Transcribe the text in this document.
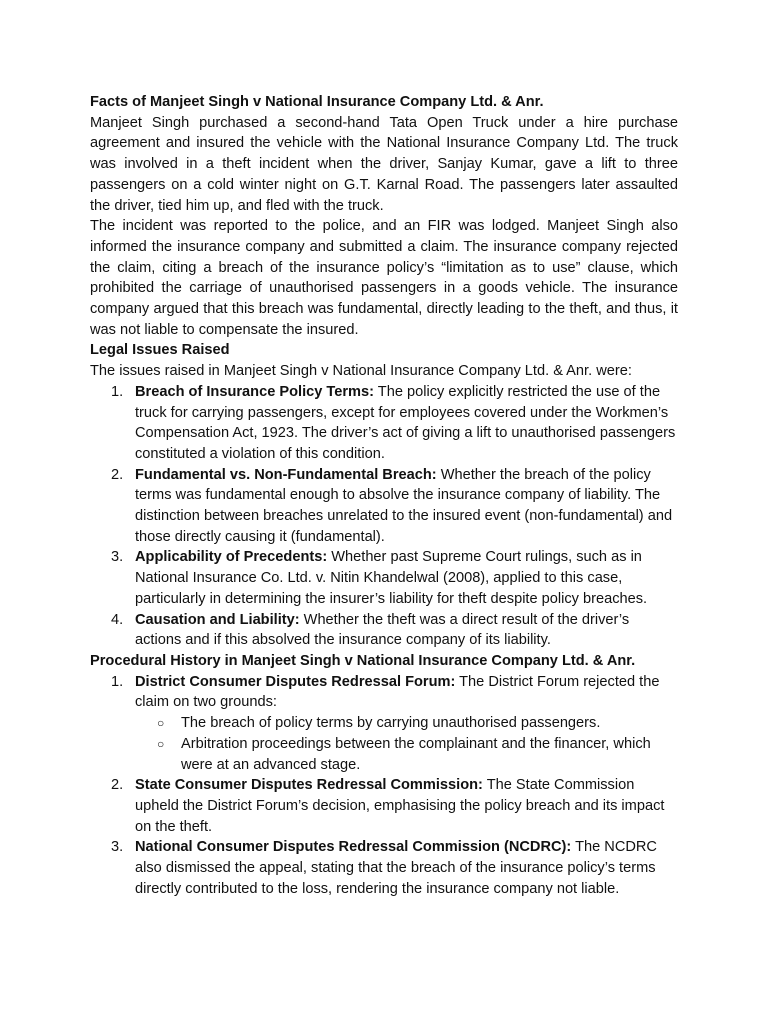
Facts of Manjeet Singh v National Insurance Company Ltd. & Anr.

Manjeet Singh purchased a second-hand Tata Open Truck under a hire purchase agreement and insured the vehicle with the National Insurance Company Ltd. The truck was involved in a theft incident when the driver, Sanjay Kumar, gave a lift to three passengers on a cold winter night on G.T. Karnal Road. The passengers later assaulted the driver, tied him up, and fled with the truck.

The incident was reported to the police, and an FIR was lodged. Manjeet Singh also informed the insurance company and submitted a claim. The insurance company rejected the claim, citing a breach of the insurance policy’s “limitation as to use” clause, which prohibited the carriage of unauthorised passengers in a goods vehicle. The insurance company argued that this breach was fundamental, directly leading to the theft, and thus, it was not liable to compensate the insured.

Legal Issues Raised

The issues raised in Manjeet Singh v National Insurance Company Ltd. & Anr. were:

1. Breach of Insurance Policy Terms: The policy explicitly restricted the use of the truck for carrying passengers, except for employees covered under the Workmen’s Compensation Act, 1923. The driver’s act of giving a lift to unauthorised passengers constituted a violation of this condition.
2. Fundamental vs. Non-Fundamental Breach: Whether the breach of the policy terms was fundamental enough to absolve the insurance company of liability. The distinction between breaches unrelated to the insured event (non-fundamental) and those directly causing it (fundamental).
3. Applicability of Precedents: Whether past Supreme Court rulings, such as in National Insurance Co. Ltd. v. Nitin Khandelwal (2008), applied to this case, particularly in determining the insurer’s liability for theft despite policy breaches.
4. Causation and Liability: Whether the theft was a direct result of the driver’s actions and if this absolved the insurance company of its liability.
Procedural History in Manjeet Singh v National Insurance Company Ltd. & Anr.
1. District Consumer Disputes Redressal Forum: The District Forum rejected the claim on two grounds:
○ The breach of policy terms by carrying unauthorised passengers.
○ Arbitration proceedings between the complainant and the financer, which were at an advanced stage.
2. State Consumer Disputes Redressal Commission: The State Commission upheld the District Forum’s decision, emphasising the policy breach and its impact on the theft.
3. National Consumer Disputes Redressal Commission (NCDRC): The NCDRC also dismissed the appeal, stating that the breach of the insurance policy’s terms directly contributed to the loss, rendering the insurance company not liable.
